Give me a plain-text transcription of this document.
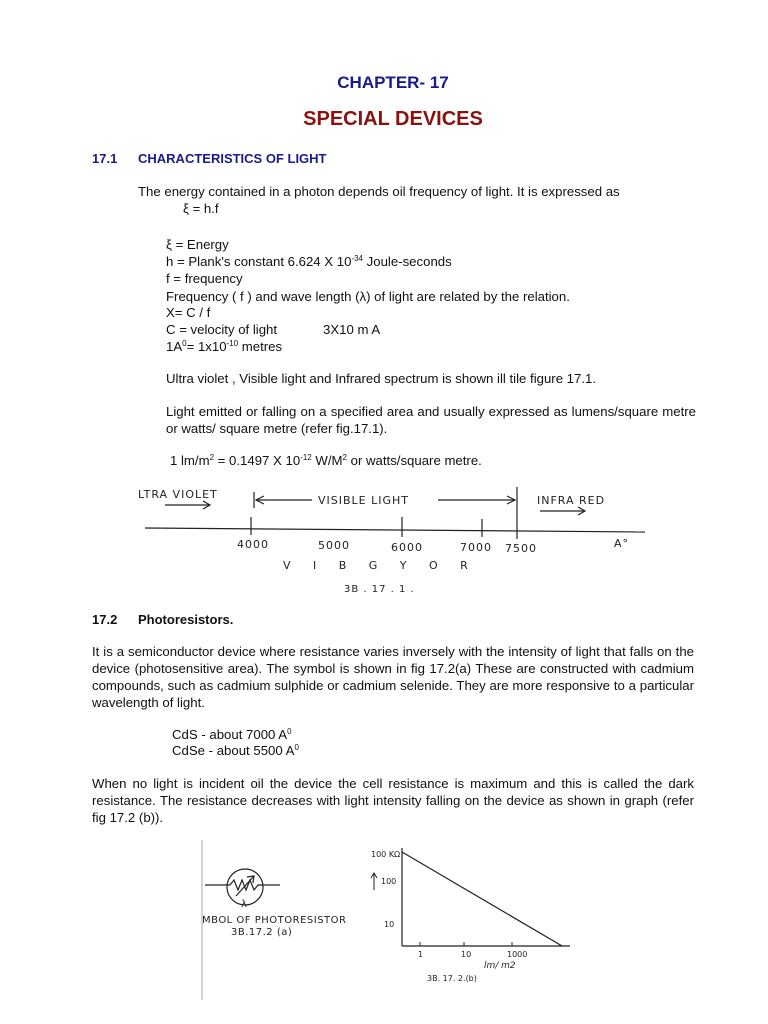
CHAPTER- 17
SPECIAL DEVICES
17.1 CHARACTERISTICS OF LIGHT
The energy contained in a photon depends oil frequency of light. It is expressed as
ξ = h.f
ξ = Energy
h = Plank's constant 6.624 X $10^{-34}$ Joule-seconds
f = frequency
Frequency ( f ) and wave length (λ) of light are related by the relation.
X= C / f
C = velocity of light	3X10 m A
$1A^0= 1x10^{-10}$ metres
Ultra violet , Visible light and Infrared spectrum is shown ill tile figure 17.1.
Light emitted or falling on a specified area and usually expressed as lumens/square metre or watts/ square metre (refer fig.17.1).
1 $lm/m^2 = 0.1497$ X $10^{-12}$ $W/M^2$ or watts/square metre.
LTRA VIOLET	VISIBLE LIGHT	INFRA RED
4000	5000	6000	7000 7500	A°
V   I   B   G   Y   O   R
3B . 17 . 1 .
17.2 Photoresistors.
It is a semiconductor device where resistance varies inversely with the intensity of light that falls on the device (photosensitive area). The symbol is shown in fig 17.2(a) These are constructed with cadmium compounds, such as cadmium sulphide or cadmium selenide. They are more responsive to a particular wavelength of light.
CdS - about 7000 $A^0$
CdSe - about 5500 $A^0$
When no light is incident oil the device the cell resistance is maximum and this is called the dark resistance. The resistance decreases with light intensity falling on the device as shown in graph (refer fig 17.2 (b)).
λ
MBOL OF PHOTORESISTOR
3B.17.2 (a)
100 KΩ
100
10
1	10	1000
lm/ m2
3B. 17. 2.(b)
